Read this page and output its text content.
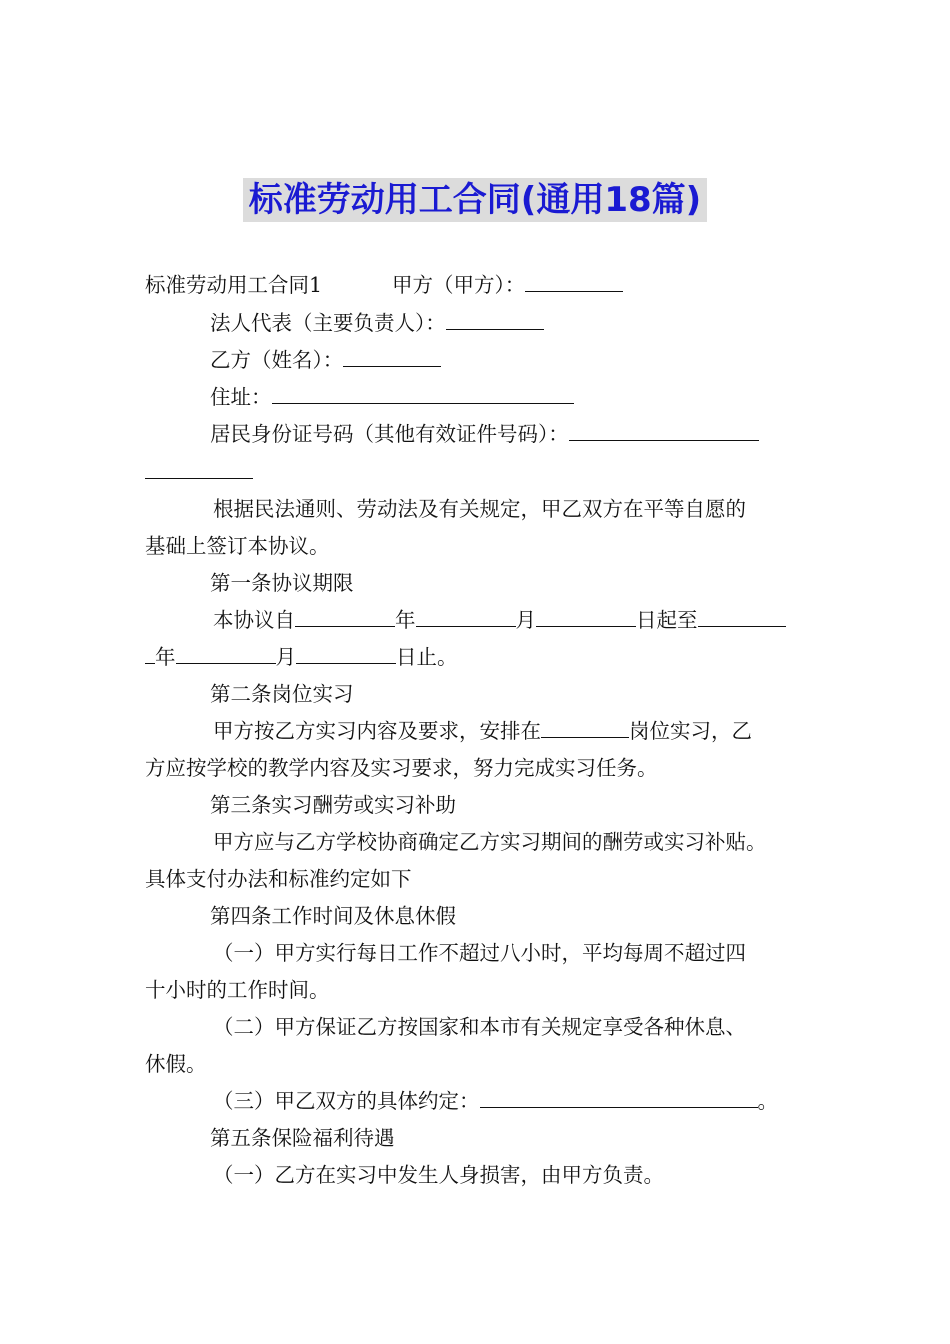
标准劳动用工合同(通用18篇)
标准劳动用工合同1	甲方（甲方）：
法人代表（主要负责人）：
乙方（姓名）：
住址：
居民身份证号码（其他有效证件号码）：
根据民法通则、劳动法及有关规定，甲乙双方在平等自愿的
基础上签订本协议。
第一条协议期限
本协议自	年	月	日起至
年	月	日止。
第二条岗位实习
甲方按乙方实习内容及要求，安排在	岗位实习，乙
方应按学校的教学内容及实习要求，努力完成实习任务。
第三条实习酬劳或实习补助
甲方应与乙方学校协商确定乙方实习期间的酬劳或实习补贴。
具体支付办法和标准约定如下
第四条工作时间及休息休假
（一）甲方实行每日工作不超过八小时，平均每周不超过四
十小时的工作时间。
（二）甲方保证乙方按国家和本市有关规定享受各种休息、
休假。
（三）甲乙双方的具体约定：	。
第五条保险福利待遇
（一）乙方在实习中发生人身损害，由甲方负责。
